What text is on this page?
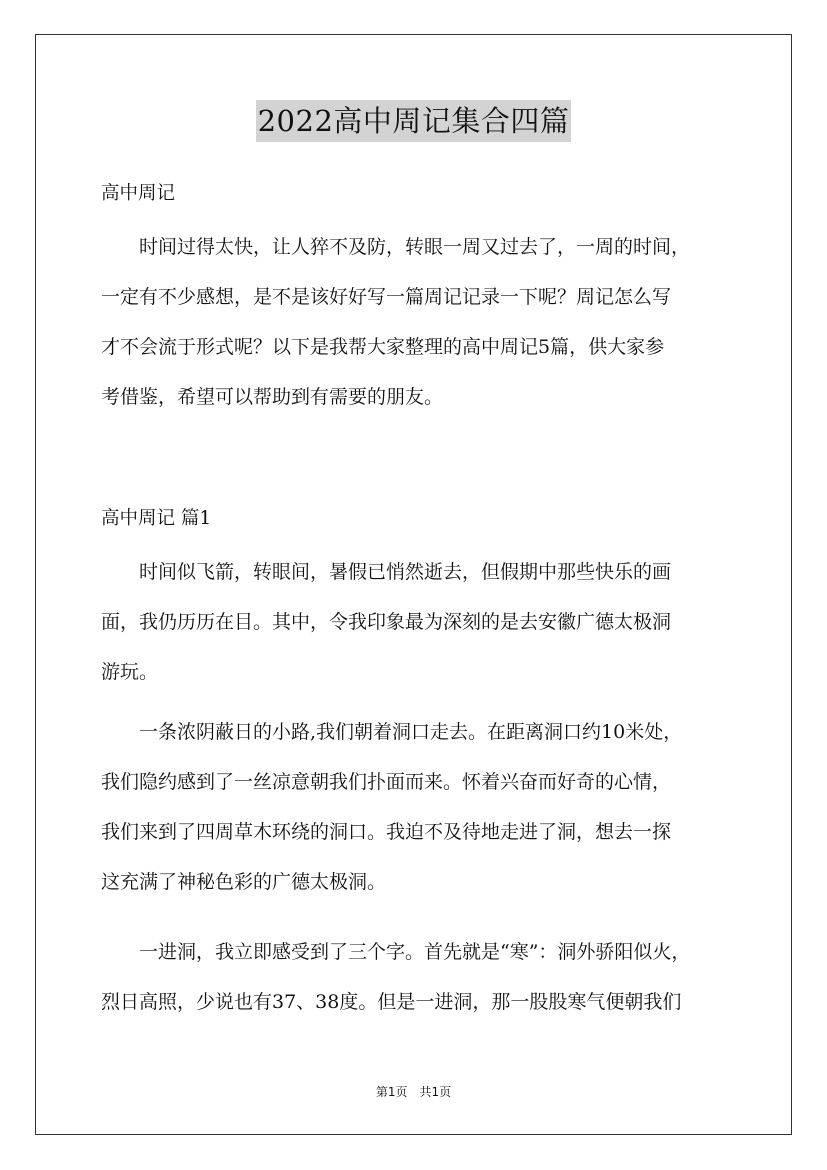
2022高中周记集合四篇
高中周记
　　时间过得太快，让人猝不及防，转眼一周又过去了，一周的时间，
一定有不少感想，是不是该好好写一篇周记记录一下呢？周记怎么写
才不会流于形式呢？以下是我帮大家整理的高中周记5篇，供大家参
考借鉴，希望可以帮助到有需要的朋友。
高中周记 篇1
　　时间似飞箭，转眼间，暑假已悄然逝去，但假期中那些快乐的画
面，我仍历历在目。其中，令我印象最为深刻的是去安徽广德太极洞
游玩。
　　一条浓阴蔽日的小路,我们朝着洞口走去。在距离洞口约10米处，
我们隐约感到了一丝凉意朝我们扑面而来。怀着兴奋而好奇的心情，
我们来到了四周草木环绕的洞口。我迫不及待地走进了洞，想去一探
这充满了神秘色彩的广德太极洞。
　　一进洞，我立即感受到了三个字。首先就是“寒”：洞外骄阳似火，
烈日高照，少说也有37、38度。但是一进洞，那一股股寒气便朝我们
第1页　共1页
